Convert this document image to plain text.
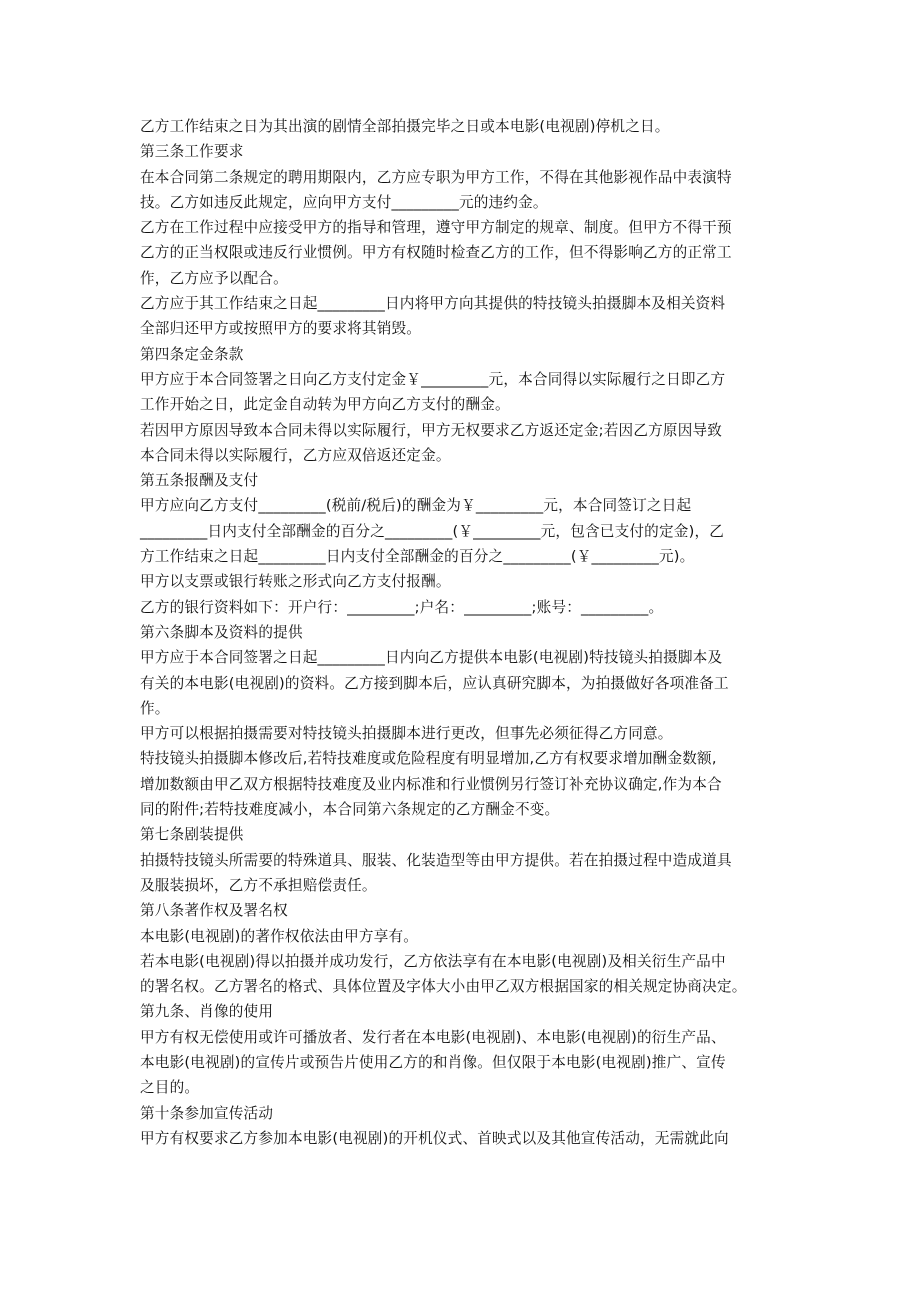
乙方工作结束之日为其出演的剧情全部拍摄完毕之日或本电影(电视剧)停机之日。
第三条工作要求
在本合同第二条规定的聘用期限内，乙方应专职为甲方工作，不得在其他影视作品中表演特
技。乙方如违反此规定，应向甲方支付_________元的违约金。
乙方在工作过程中应接受甲方的指导和管理，遵守甲方制定的规章、制度。但甲方不得干预
乙方的正当权限或违反行业惯例。甲方有权随时检查乙方的工作，但不得影响乙方的正常工
作，乙方应予以配合。
乙方应于其工作结束之日起_________日内将甲方向其提供的特技镜头拍摄脚本及相关资料
全部归还甲方或按照甲方的要求将其销毁。
第四条定金条款
甲方应于本合同签署之日向乙方支付定金￥_________元，本合同得以实际履行之日即乙方
工作开始之日，此定金自动转为甲方向乙方支付的酬金。
若因甲方原因导致本合同未得以实际履行，甲方无权要求乙方返还定金;若因乙方原因导致
本合同未得以实际履行，乙方应双倍返还定金。
第五条报酬及支付
甲方应向乙方支付_________(税前/税后)的酬金为￥_________元，本合同签订之日起
_________日内支付全部酬金的百分之_________(￥_________元，包含已支付的定金)，乙
方工作结束之日起_________日内支付全部酬金的百分之_________(￥_________元)。
甲方以支票或银行转账之形式向乙方支付报酬。
乙方的银行资料如下：开户行：_________;户名：_________;账号：_________。
第六条脚本及资料的提供
甲方应于本合同签署之日起_________日内向乙方提供本电影(电视剧)特技镜头拍摄脚本及
有关的本电影(电视剧)的资料。乙方接到脚本后，应认真研究脚本，为拍摄做好各项准备工
作。
甲方可以根据拍摄需要对特技镜头拍摄脚本进行更改，但事先必须征得乙方同意。
特技镜头拍摄脚本修改后,若特技难度或危险程度有明显增加,乙方有权要求增加酬金数额,
增加数额由甲乙双方根据特技难度及业内标准和行业惯例另行签订补充协议确定,作为本合
同的附件;若特技难度减小，本合同第六条规定的乙方酬金不变。
第七条剧装提供
拍摄特技镜头所需要的特殊道具、服装、化装造型等由甲方提供。若在拍摄过程中造成道具
及服装损坏，乙方不承担赔偿责任。
第八条著作权及署名权
本电影(电视剧)的著作权依法由甲方享有。
若本电影(电视剧)得以拍摄并成功发行，乙方依法享有在本电影(电视剧)及相关衍生产品中
的署名权。乙方署名的格式、具体位置及字体大小由甲乙双方根据国家的相关规定协商决定。
第九条、肖像的使用
甲方有权无偿使用或许可播放者、发行者在本电影(电视剧)、本电影(电视剧)的衍生产品、
本电影(电视剧)的宣传片或预告片使用乙方的和肖像。但仅限于本电影(电视剧)推广、宣传
之目的。
第十条参加宣传活动
甲方有权要求乙方参加本电影(电视剧)的开机仪式、首映式以及其他宣传活动，无需就此向
